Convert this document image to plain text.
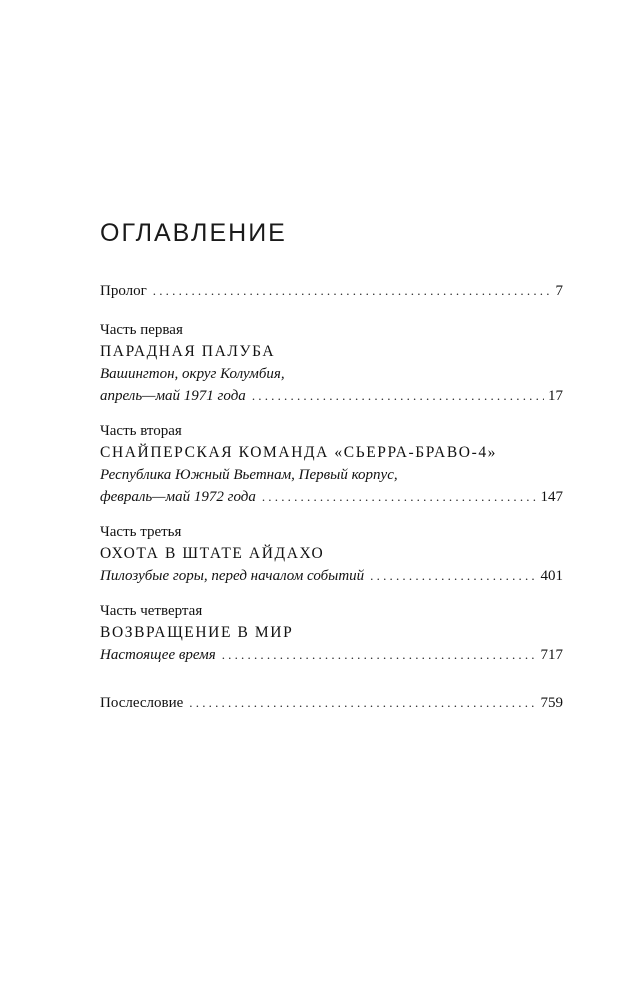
ОГЛАВЛЕНИЕ
Пролог .....	7
Часть первая
ПАРАДНАЯ ПАЛУБА
Вашингтон, округ Колумбия,
апрель—май 1971 года .....	17
Часть вторая
СНАЙПЕРСКАЯ КОМАНДА «СЬЕРРА-БРАВО-4»
Республика Южный Вьетнам, Первый корпус,
февраль—май 1972 года .....	147
Часть третья
ОХОТА В ШТАТЕ АЙДАХО
Пилозубые горы, перед началом событий .....	401
Часть четвертая
ВОЗВРАЩЕНИЕ В МИР
Настоящее время .....	717
Послесловие .....	759
